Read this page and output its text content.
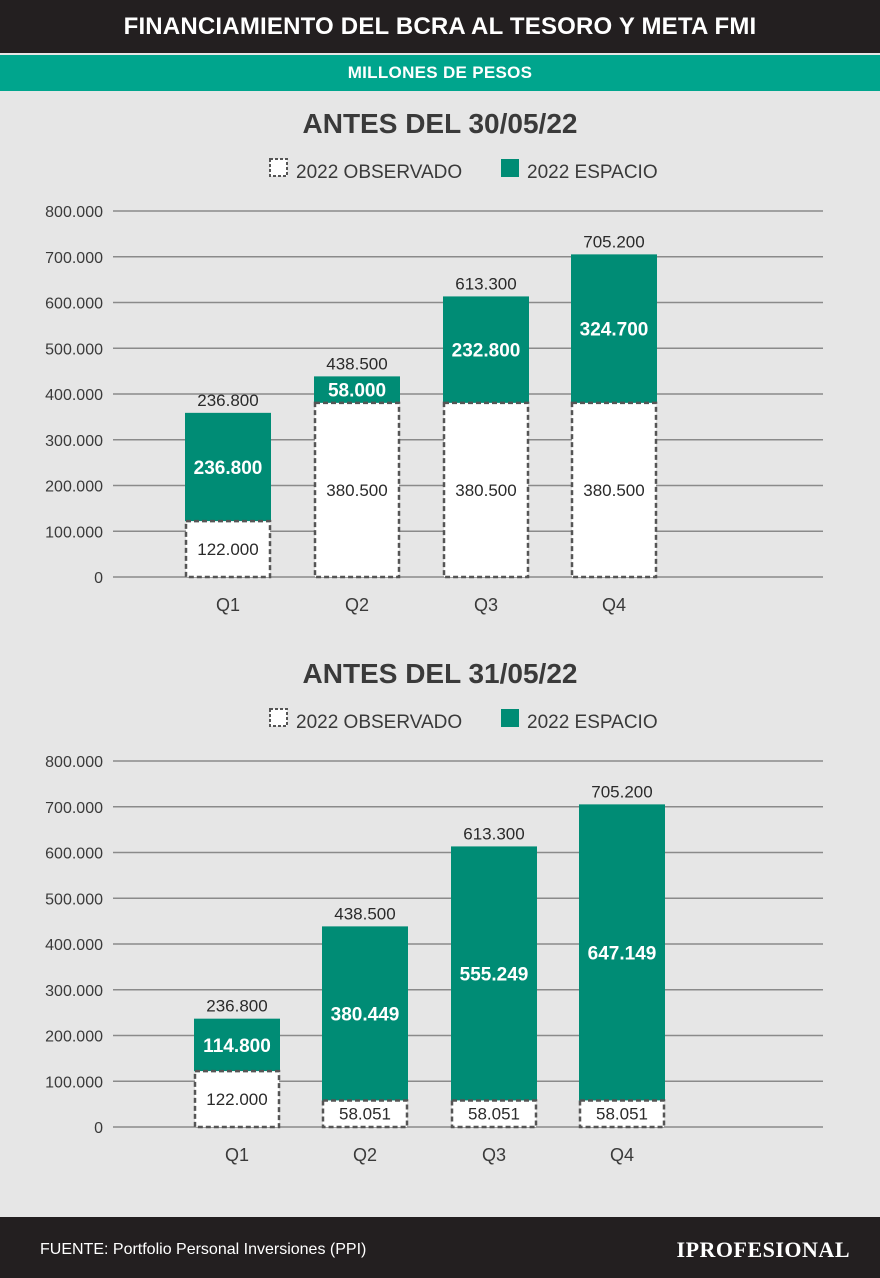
FINANCIAMIENTO DEL BCRA AL TESORO Y META FMI
MILLONES DE PESOS
ANTES DEL 30/05/22
2022 OBSERVADO	2022 ESPACIO
0
100.000
200.000
300.000
400.000
500.000
600.000
700.000
800.000
236.800
122.000
236.800
Q1
58.000
380.500
438.500
Q2
232.800
380.500
613.300
Q3
324.700
380.500
705.200
Q4
ANTES DEL 31/05/22
2022 OBSERVADO	2022 ESPACIO
0
100.000
200.000
300.000
400.000
500.000
600.000
700.000
800.000
114.800
122.000
236.800
Q1
380.449
58.051
438.500
Q2
555.249
58.051
613.300
Q3
647.149
58.051
705.200
Q4
FUENTE: Portfolio Personal Inversiones (PPI)	IPROFESIONAL
